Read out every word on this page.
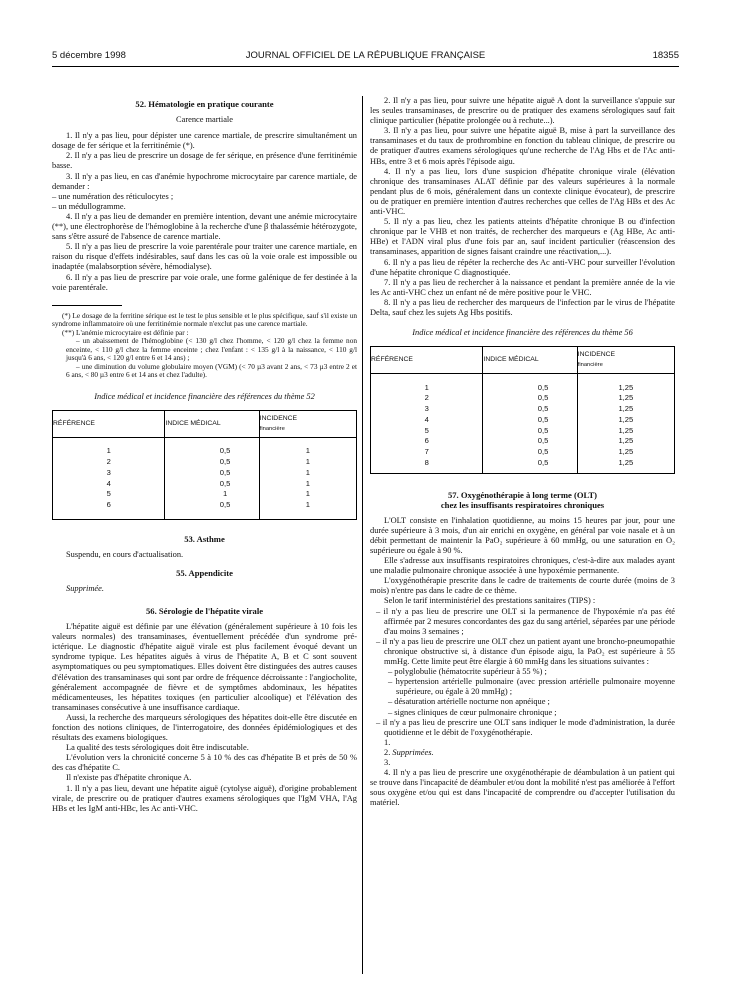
5 décembre 1998	JOURNAL OFFICIEL DE LA RÉPUBLIQUE FRANÇAISE	18355
52. Hématologie en pratique courante
Carence martiale

1. Il n'y a pas lieu, pour dépister une carence martiale, de prescrire simultanément un dosage de fer sérique et la ferritinémie (*).

2. Il n'y a pas lieu de prescrire un dosage de fer sérique, en présence d'une ferritinémie basse.

3. Il n'y a pas lieu, en cas d'anémie hypochrome microcytaire par carence martiale, de demander :

– une numération des réticulocytes ;

– un médullogramme.

4. Il n'y a pas lieu de demander en première intention, devant une anémie microcytaire (**), une électrophorèse de l'hémoglobine à la recherche d'une β thalassémie hétérozygote, sans s'être assuré de l'absence de carence martiale.

5. Il n'y a pas lieu de prescrire la voie parentérale pour traiter une carence martiale, en raison du risque d'effets indésirables, sauf dans les cas où la voie orale est impossible ou inadaptée (malabsorption sévère, hémodialyse).

6. Il n'y a pas lieu de prescrire par voie orale, une forme galénique de fer destinée à la voie parentérale.

(*) Le dosage de la ferritine sérique est le test le plus sensible et le plus spécifique, sauf s'il existe un syndrome inflammatoire où une ferritinémie normale n'exclut pas une carence martiale.

(**) L'anémie microcytaire est définie par :

– un abaissement de l'hémoglobine (< 130 g/l chez l'homme, < 120 g/l chez la femme non enceinte, < 110 g/l chez la femme enceinte ; chez l'enfant : < 135 g/l à la naissance, < 110 g/l jusqu'à 6 ans, < 120 g/l entre 6 et 14 ans) ;

– une diminution du volume globulaire moyen (VGM) (< 70 µ3 avant 2 ans, < 73 µ3 entre 2 et 6 ans, < 80 µ3 entre 6 et 14 ans et chez l'adulte).

Indice médical et incidence financière des références du thème 52
RÉFÉRENCE	INDICE MÉDICAL	INCIDENCE
financière

1	0,5	1
2	0,5	1
3	0,5	1
4	0,5	1
5	1	1
6	0,5	1

53. Asthme

Suspendu, en cours d'actualisation.

55. Appendicite

Supprimée.

56. Sérologie de l'hépatite virale

L'hépatite aiguë est définie par une élévation (généralement supérieure à 10 fois les valeurs normales) des transaminases, éventuellement précédée d'un syndrome pré-ictérique. Le diagnostic d'hépatite aiguë virale est plus facilement évoqué devant un syndrome typique. Les hépatites aiguës à virus de l'hépatite A, B et C sont souvent asymptomatiques ou peu symptomatiques. Elles doivent être distinguées des autres causes d'élévation des transaminases qui sont par ordre de fréquence décroissante : l'angiocholite, généralement accompagnée de fièvre et de symptômes abdominaux, les hépatites médicamenteuses, les hépatites toxiques (en particulier alcoolique) et l'élévation des transaminases consécutive à une insuffisance cardiaque.

Aussi, la recherche des marqueurs sérologiques des hépatites doit-elle être discutée en fonction des notions cliniques, de l'interrogatoire, des données épidémiologiques et des résultats des examens biologiques.

La qualité des tests sérologiques doit être indiscutable.

L'évolution vers la chronicité concerne 5 à 10 % des cas d'hépatite B et près de 50 % des cas d'hépatite C.

Il n'existe pas d'hépatite chronique A.

1. Il n'y a pas lieu, devant une hépatite aiguë (cytolyse aiguë), d'origine probablement virale, de prescrire ou de pratiquer d'autres examens sérologiques que l'IgM VHA, l'Ag HBs et les IgM anti-HBc, les Ac anti-VHC.

2. Il n'y a pas lieu, pour suivre une hépatite aiguë A dont la surveillance s'appuie sur les seules transaminases, de prescrire ou de pratiquer des examens sérologiques sauf fait clinique particulier (hépatite prolongée ou à rechute...).

3. Il n'y a pas lieu, pour suivre une hépatite aiguë B, mise à part la surveillance des transaminases et du taux de prothrombine en fonction du tableau clinique, de prescrire ou de pratiquer d'autres examens sérologiques qu'une recherche de l'Ag Hbs et de l'Ac anti-HBs, entre 3 et 6 mois après l'épisode aigu.

4. Il n'y a pas lieu, lors d'une suspicion d'hépatite chronique virale (élévation chronique des transaminases ALAT définie par des valeurs supérieures à la normale pendant plus de 6 mois, généralement dans un contexte clinique évocateur), de prescrire ou de pratiquer en première intention d'autres recherches que celles de l'Ag HBs et des Ac anti-VHC.

5. Il n'y a pas lieu, chez les patients atteints d'hépatite chronique B ou d'infection chronique par le VHB et non traités, de rechercher des marqueurs e (Ag HBe, Ac anti-HBe) et l'ADN viral plus d'une fois par an, sauf incident particulier (réascension des transaminases, apparition de signes faisant craindre une réactivation,...).

6. Il n'y a pas lieu de répéter la recherche des Ac anti-VHC pour surveiller l'évolution d'une hépatite chronique C diagnostiquée.

7. Il n'y a pas lieu de rechercher à la naissance et pendant la première année de la vie les Ac anti-VHC chez un enfant né de mère positive pour le VHC.

8. Il n'y a pas lieu de rechercher des marqueurs de l'infection par le virus de l'hépatite Delta, sauf chez les sujets Ag Hbs positifs.

Indice médical et incidence financière des références du thème 56
RÉFÉRENCE	INDICE MÉDICAL	INCIDENCE
financière

1	0,5	1,25
2	0,5	1,25
3	0,5	1,25
4	0,5	1,25
5	0,5	1,25
6	0,5	1,25
7	0,5	1,25
8	0,5	1,25

57. Oxygénothérapie à long terme (OLT)
chez les insuffisants respiratoires chroniques

L'OLT consiste en l'inhalation quotidienne, au moins 15 heures par jour, pour une durée supérieure à 3 mois, d'un air enrichi en oxygène, en général par voie nasale et à un débit permettant de maintenir la PaO₂ supérieure à 60 mmHg, ou une saturation en O₂ supérieure ou égale à 90 %.

Elle s'adresse aux insuffisants respiratoires chroniques, c'est-à-dire aux malades ayant une maladie pulmonaire chronique associée à une hypoxémie permanente.

L'oxygénothérapie prescrite dans le cadre de traitements de courte durée (moins de 3 mois) n'entre pas dans le cadre de ce thème.

Selon le tarif interministériel des prestations sanitaires (TIPS) :

– il n'y a pas lieu de prescrire une OLT si la permanence de l'hypoxémie n'a pas été affirmée par 2 mesures concordantes des gaz du sang artériel, séparées par une période d'au moins 3 semaines ;

– il n'y a pas lieu de prescrire une OLT chez un patient ayant une broncho-pneumopathie chronique obstructive si, à distance d'un épisode aigu, la PaO₂ est supérieure à 55 mmHg. Cette limite peut être élargie à 60 mmHg dans les situations suivantes :

– polyglobulie (hématocrite supérieur à 55 %) ;

– hypertension artérielle pulmonaire (avec pression artérielle pulmonaire moyenne supérieure, ou égale à 20 mmHg) ;

– désaturation artérielle nocturne non apnéique ;

– signes cliniques de cœur pulmonaire chronique ;

– il n'y a pas lieu de prescrire une OLT sans indiquer le mode d'administration, la durée quotidienne et le débit de l'oxygénothérapie.

1.

2. Supprimées.

3.

4. Il n'y a pas lieu de prescrire une oxygénothérapie de déambulation à un patient qui se trouve dans l'incapacité de déambuler et/ou dont la mobilité n'est pas améliorée à l'effort sous oxygène et/ou qui est dans l'incapacité de comprendre ou d'accepter l'utilisation du matériel.
